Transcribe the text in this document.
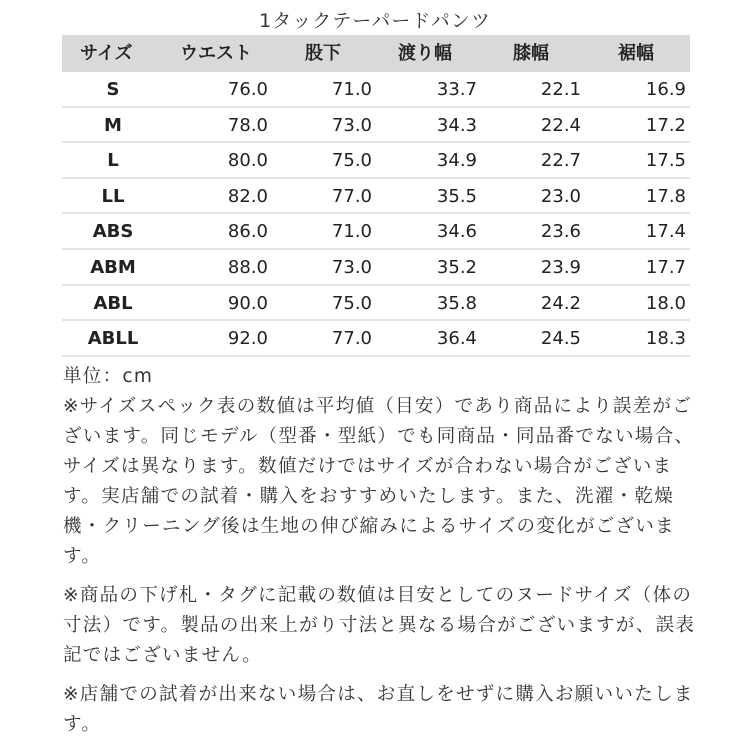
1タックテーパードパンツ
サイズ	ウエスト	股下	渡り幅	膝幅	裾幅
S	76.0	71.0	33.7	22.1	16.9
M	78.0	73.0	34.3	22.4	17.2
L	80.0	75.0	34.9	22.7	17.5
LL	82.0	77.0	35.5	23.0	17.8
ABS	86.0	71.0	34.6	23.6	17.4
ABM	88.0	73.0	35.2	23.9	17.7
ABL	90.0	75.0	35.8	24.2	18.0
ABLL	92.0	77.0	36.4	24.5	18.3
単位：cm
※サイズスペック表の数値は平均値（目安）であり商品により誤差がご
ざいます。同じモデル（型番・型紙）でも同商品・同品番でない場合、
サイズは異なります。数値だけではサイズが合わない場合がございま
す。実店舗での試着・購入をおすすめいたします。また、洗濯・乾燥
機・クリーニング後は生地の伸び縮みによるサイズの変化がございま
す。
※商品の下げ札・タグに記載の数値は目安としてのヌードサイズ（体の
寸法）です。製品の出来上がり寸法と異なる場合がございますが、誤表
記ではございません。
※店舗での試着が出来ない場合は、お直しをせずに購入お願いいたしま
す。
